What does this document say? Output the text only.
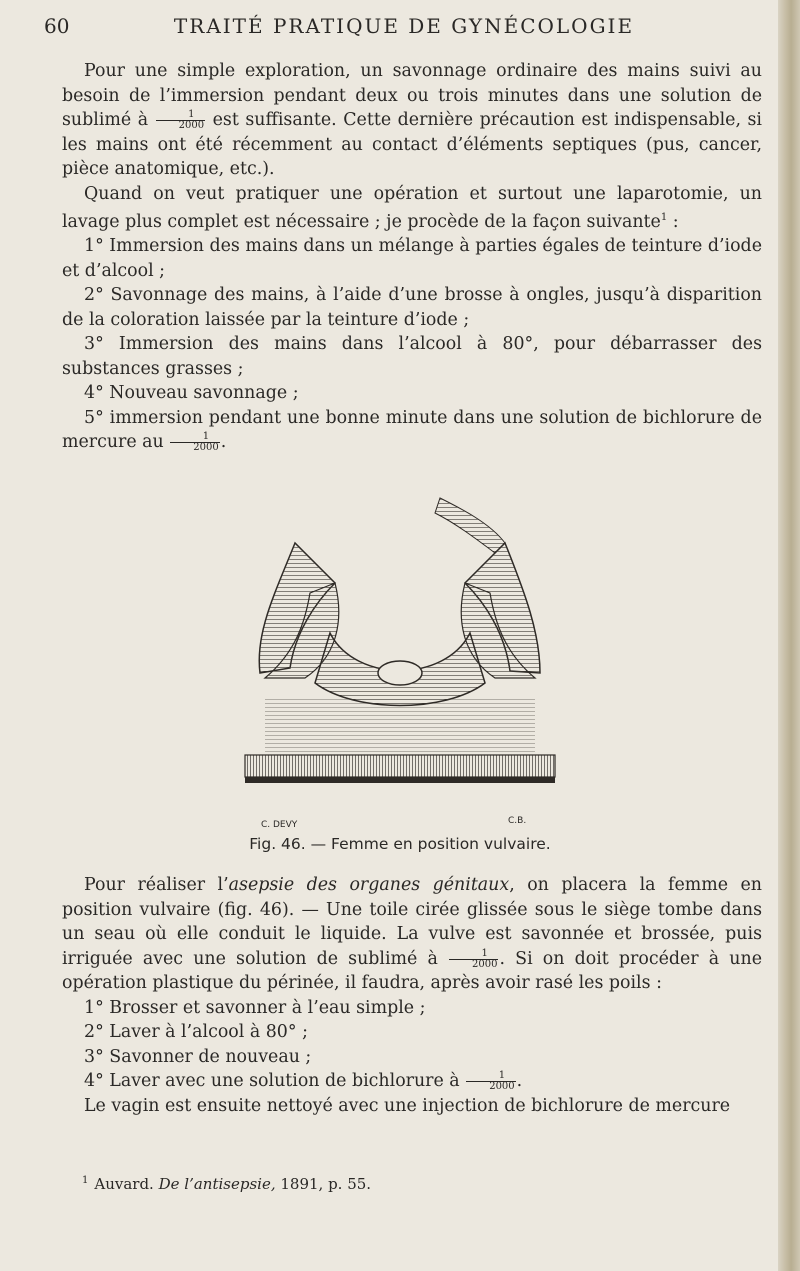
60	TRAITÉ PRATIQUE DE GYNÉCOLOGIE

Pour une simple exploration, un savonnage ordinaire des mains suivi au besoin de l’immersion pendant deux ou trois minutes dans une solution de sublimé à $\frac{1}{2000}$ est suffisante. Cette dernière précaution est indispensable, si les mains ont été récemment au contact d’éléments septiques (pus, cancer, pièce anatomique, etc.).

Quand on veut pratiquer une opération et surtout une laparotomie, un lavage plus complet est nécessaire ; je procède de la façon suivante$^1$ :

1° Immersion des mains dans un mélange à parties égales de teinture d’iode et d’alcool ;

2° Savonnage des mains, à l’aide d’une brosse à ongles, jusqu’à disparition de la coloration laissée par la teinture d’iode ;

3° Immersion des mains dans l’alcool à 80°, pour débarrasser des substances grasses ;

4° Nouveau savonnage ;

5° immersion pendant une bonne minute dans une solution de bichlorure de mercure au $\frac{1}{2000}$ .

C. DEVY	C.B.
Fig. 46. — Femme en position vulvaire.

Pour réaliser l’asepsie des organes génitaux, on placera la femme en position vulvaire (fig. 46). — Une toile cirée glissée sous le siège tombe dans un seau où elle conduit le liquide. La vulve est savonnée et brossée, puis irriguée avec une solution de sublimé à $\frac{1}{2000}$ . Si on doit procéder à une opération plastique du périnée, il faudra, après avoir rasé les poils :

1° Brosser et savonner à l’eau simple ;

2° Laver à l’alcool à 80° ;

3° Savonner de nouveau ;

4° Laver avec une solution de bichlorure à $\frac{1}{2000}$ .

Le vagin est ensuite nettoyé avec une injection de bichlorure de mercure

$^1$ Auvard. De l’antisepsie, 1891, p. 55.
